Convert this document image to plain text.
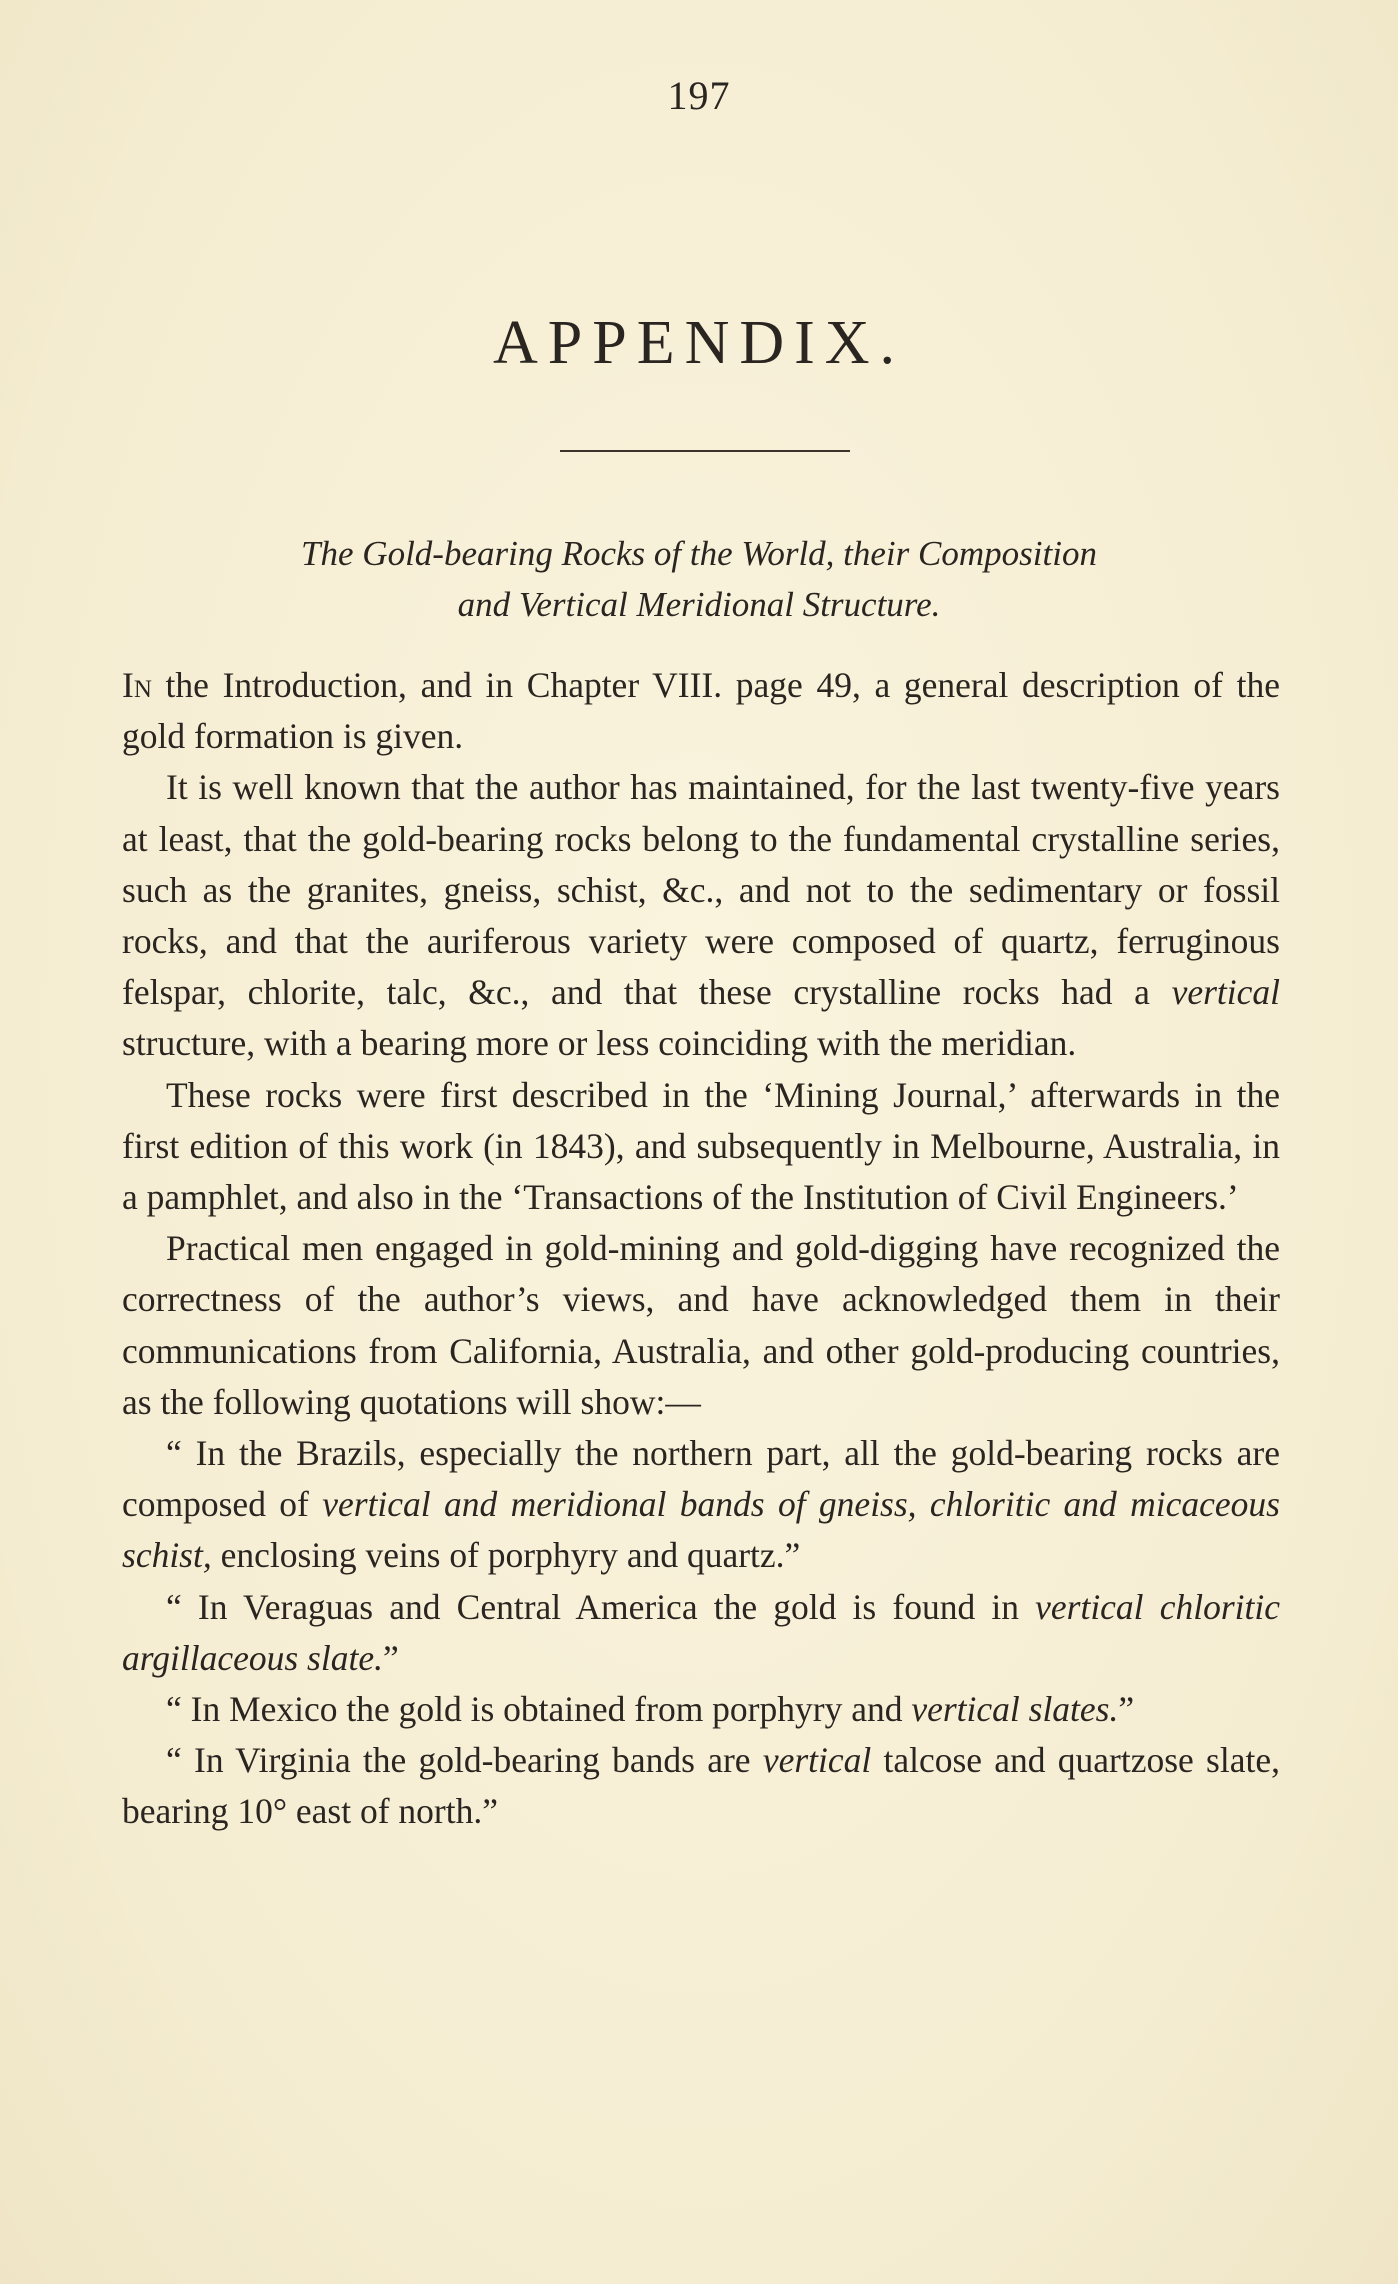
197
APPENDIX.
The Gold-bearing Rocks of the World, their Composition
and Vertical Meridional Structure.

In the Introduction, and in Chapter VIII. page 49, a general description of the gold formation is given.

It is well known that the author has maintained, for the last twenty-five years at least, that the gold-bearing rocks belong to the fundamental crystalline series, such as the granites, gneiss, schist, &c., and not to the sedimentary or fossil rocks, and that the auriferous variety were composed of quartz, ferruginous felspar, chlorite, talc, &c., and that these crystalline rocks had a vertical structure, with a bearing more or less coinciding with the meridian.

These rocks were first described in the ‘Mining Journal,’ afterwards in the first edition of this work (in 1843), and subsequently in Melbourne, Australia, in a pamphlet, and also in the ‘Transactions of the Institution of Civil Engineers.’

Practical men engaged in gold-mining and gold-digging have recognized the correctness of the author’s views, and have acknowledged them in their communications from California, Australia, and other gold-producing countries, as the following quotations will show:—

“ In the Brazils, especially the northern part, all the gold-bearing rocks are composed of vertical and meridional bands of gneiss, chloritic and micaceous schist, enclosing veins of porphyry and quartz.”

“ In Veraguas and Central America the gold is found in vertical chloritic argillaceous slate.”

“ In Mexico the gold is obtained from porphyry and vertical slates.”

“ In Virginia the gold-bearing bands are vertical talcose and quartzose slate, bearing 10° east of north.”
